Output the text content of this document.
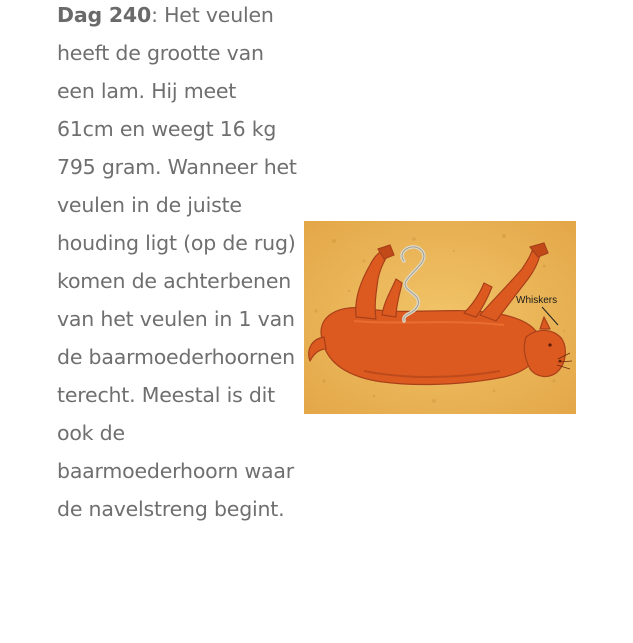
Dag 240: Het veulen heeft de grootte van een lam. Hij meet 61cm en weegt 16 kg 795 gram. Wanneer het veulen in de juiste houding ligt (op de rug) komen de achterbenen van het veulen in 1 van de baarmoederhoornen terecht. Meestal is dit ook de baarmoederhoorn waar de navelstreng begint.

Whiskers
